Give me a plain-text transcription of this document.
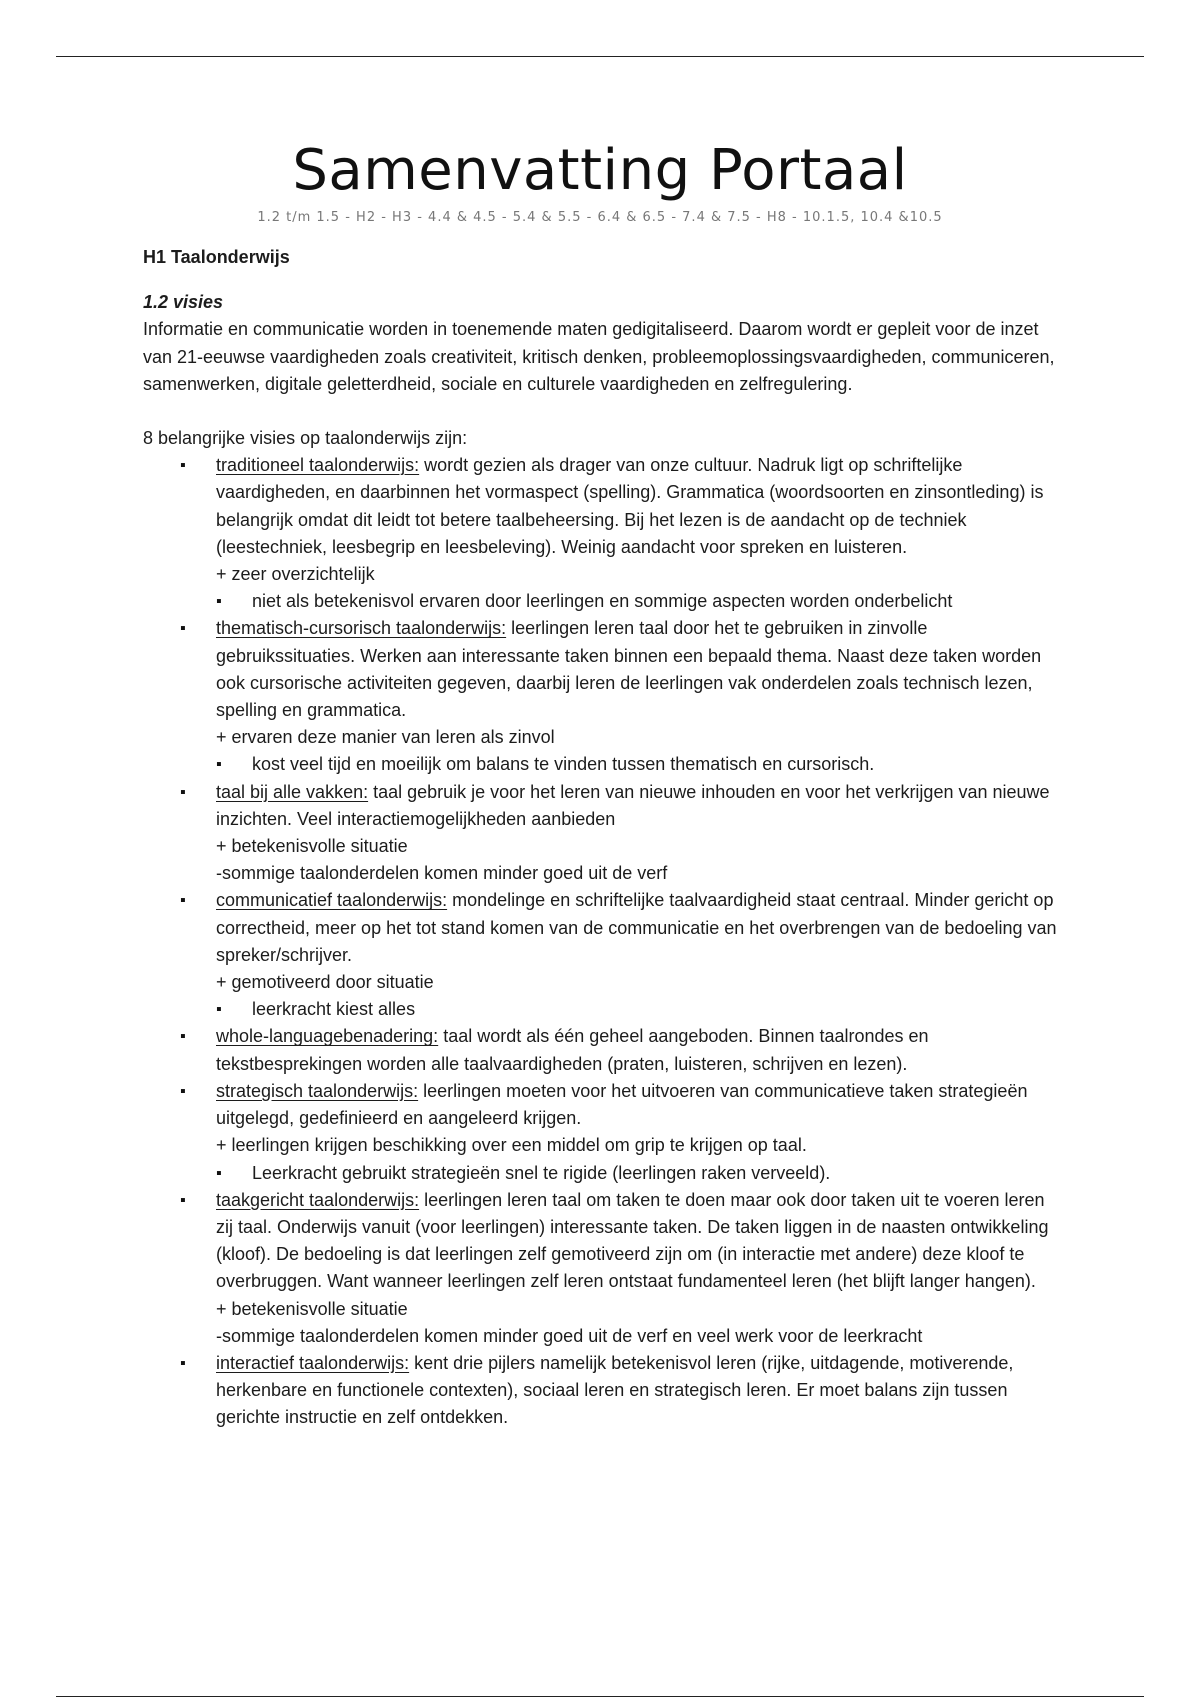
Samenvatting Portaal
1.2 t/m 1.5 - H2 - H3 - 4.4 & 4.5 - 5.4 & 5.5 - 6.4 & 6.5 - 7.4 & 7.5 - H8 - 10.1.5, 10.4 &10.5

H1 Taalonderwijs

1.2 visies

Informatie en communicatie worden in toenemende maten gedigitaliseerd. Daarom wordt er gepleit voor de inzet van 21-eeuwse vaardigheden zoals creativiteit, kritisch denken, probleemoplossingsvaardigheden, communiceren, samenwerken, digitale geletterdheid, sociale en culturele vaardigheden en zelfregulering.

8 belangrijke visies op taalonderwijs zijn:

▪ traditioneel taalonderwijs: wordt gezien als drager van onze cultuur. Nadruk ligt op schriftelijke vaardigheden, en daarbinnen het vormaspect (spelling). Grammatica (woordsoorten en zinsontleding) is belangrijk omdat dit leidt tot betere taalbeheersing. Bij het lezen is de aandacht op de techniek (leestechniek, leesbegrip en leesbeleving). Weinig aandacht voor spreken en luisteren.
+ zeer overzichtelijk
▪ niet als betekenisvol ervaren door leerlingen en sommige aspecten worden onderbelicht
▪ thematisch-cursorisch taalonderwijs: leerlingen leren taal door het te gebruiken in zinvolle gebruikssituaties. Werken aan interessante taken binnen een bepaald thema. Naast deze taken worden ook cursorische activiteiten gegeven, daarbij leren de leerlingen vak onderdelen zoals technisch lezen, spelling en grammatica.
+ ervaren deze manier van leren als zinvol
▪ kost veel tijd en moeilijk om balans te vinden tussen thematisch en cursorisch.
▪ taal bij alle vakken: taal gebruik je voor het leren van nieuwe inhouden en voor het verkrijgen van nieuwe inzichten. Veel interactiemogelijkheden aanbieden
+ betekenisvolle situatie
-sommige taalonderdelen komen minder goed uit de verf
▪ communicatief taalonderwijs: mondelinge en schriftelijke taalvaardigheid staat centraal. Minder gericht op correctheid, meer op het tot stand komen van de communicatie en het overbrengen van de bedoeling van spreker/schrijver.
+ gemotiveerd door situatie
▪ leerkracht kiest alles
▪ whole-languagebenadering: taal wordt als één geheel aangeboden. Binnen taalrondes en tekstbesprekingen worden alle taalvaardigheden (praten, luisteren, schrijven en lezen).
▪ strategisch taalonderwijs: leerlingen moeten voor het uitvoeren van communicatieve taken strategieën uitgelegd, gedefinieerd en aangeleerd krijgen.
+ leerlingen krijgen beschikking over een middel om grip te krijgen op taal.
▪ Leerkracht gebruikt strategieën snel te rigide (leerlingen raken verveeld).
▪ taakgericht taalonderwijs: leerlingen leren taal om taken te doen maar ook door taken uit te voeren leren zij taal. Onderwijs vanuit (voor leerlingen) interessante taken. De taken liggen in de naasten ontwikkeling (kloof). De bedoeling is dat leerlingen zelf gemotiveerd zijn om (in interactie met andere) deze kloof te overbruggen. Want wanneer leerlingen zelf leren ontstaat fundamenteel leren (het blijft langer hangen).
+ betekenisvolle situatie
-sommige taalonderdelen komen minder goed uit de verf en veel werk voor de leerkracht
▪ interactief taalonderwijs: kent drie pijlers namelijk betekenisvol leren (rijke, uitdagende, motiverende, herkenbare en functionele contexten), sociaal leren en strategisch leren. Er moet balans zijn tussen gerichte instructie en zelf ontdekken.
